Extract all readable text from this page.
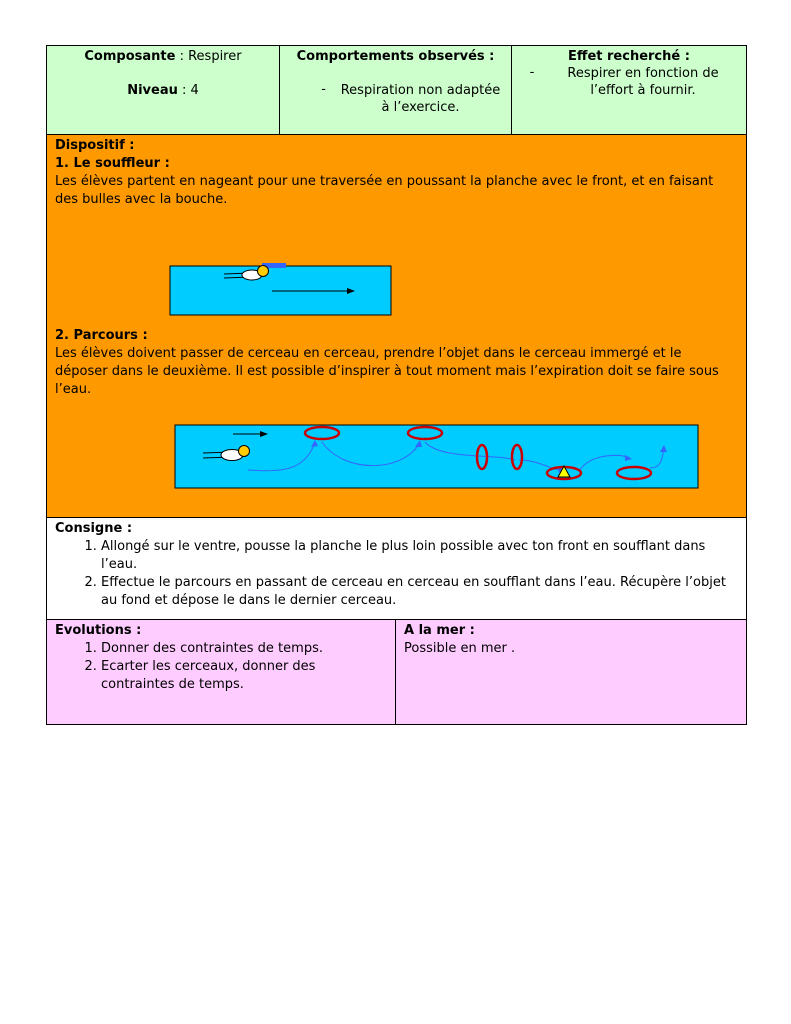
Composante : Respirer
Niveau : 4
Comportements observés :
-	Respiration non adaptée à l’exercice.
Effet recherché :
-	Respirer en fonction de l’effort à fournir.
Dispositif :
1. Le souffleur :
Les élèves partent en nageant pour une traversée en poussant la planche avec le front, et en faisant des bulles avec la bouche.
2. Parcours :
Les élèves doivent passer de cerceau en cerceau, prendre l’objet dans le cerceau immergé et le déposer dans le deuxième. Il est possible d’inspirer à tout moment mais l’expiration doit se faire sous l’eau.
Consigne :
1. Allongé sur le ventre, pousse la planche le plus loin possible avec ton front en soufflant dans l’eau.
2. Effectue le parcours en passant de cerceau en cerceau en soufflant dans l’eau. Récupère l’objet au fond et dépose le dans le dernier cerceau.
Evolutions :
1. Donner des contraintes de temps.
2. Ecarter les cerceaux, donner des contraintes de temps.
A la mer :
Possible en mer .
